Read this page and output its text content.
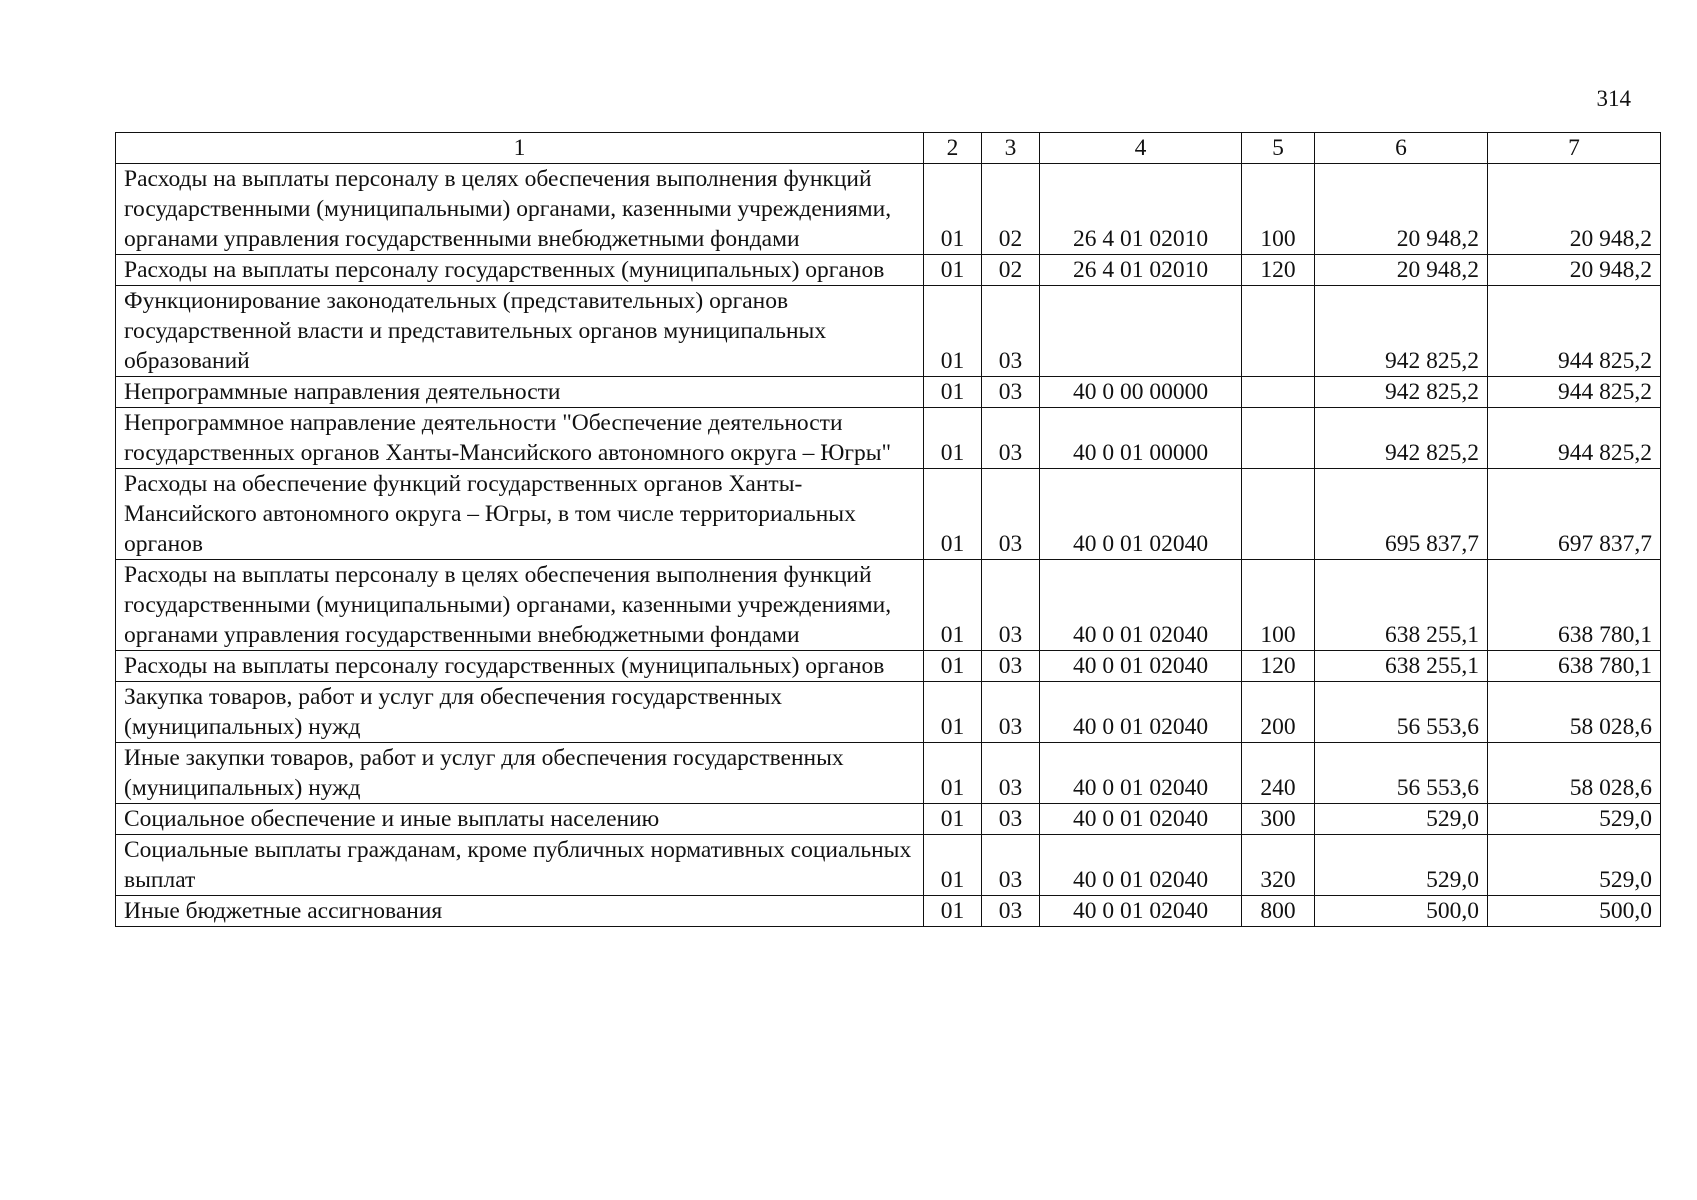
314
1	2	3	4	5	6	7
Расходы на выплаты персоналу в целях обеспечения выполнения функций государственными (муниципальными) органами, казенными учреждениями, органами управления государственными внебюджетными фондами	01	02	26 4 01 02010	100	20 948,2	20 948,2
Расходы на выплаты персоналу государственных (муниципальных) органов	01	02	26 4 01 02010	120	20 948,2	20 948,2
Функционирование законодательных (представительных) органов государственной власти и представительных органов муниципальных образований	01	03			942 825,2	944 825,2
Непрограммные направления деятельности	01	03	40 0 00 00000		942 825,2	944 825,2
Непрограммное направление деятельности "Обеспечение деятельности государственных органов Ханты-Мансийского автономного округа – Югры"	01	03	40 0 01 00000		942 825,2	944 825,2
Расходы на обеспечение функций государственных органов Ханты-Мансийского автономного округа – Югры, в том числе территориальных органов	01	03	40 0 01 02040		695 837,7	697 837,7
Расходы на выплаты персоналу в целях обеспечения выполнения функций государственными (муниципальными) органами, казенными учреждениями, органами управления государственными внебюджетными фондами	01	03	40 0 01 02040	100	638 255,1	638 780,1
Расходы на выплаты персоналу государственных (муниципальных) органов	01	03	40 0 01 02040	120	638 255,1	638 780,1
Закупка товаров, работ и услуг для обеспечения государственных (муниципальных) нужд	01	03	40 0 01 02040	200	56 553,6	58 028,6
Иные закупки товаров, работ и услуг для обеспечения государственных (муниципальных) нужд	01	03	40 0 01 02040	240	56 553,6	58 028,6
Социальное обеспечение и иные выплаты населению	01	03	40 0 01 02040	300	529,0	529,0
Социальные выплаты гражданам, кроме публичных нормативных социальных выплат	01	03	40 0 01 02040	320	529,0	529,0
Иные бюджетные ассигнования	01	03	40 0 01 02040	800	500,0	500,0
